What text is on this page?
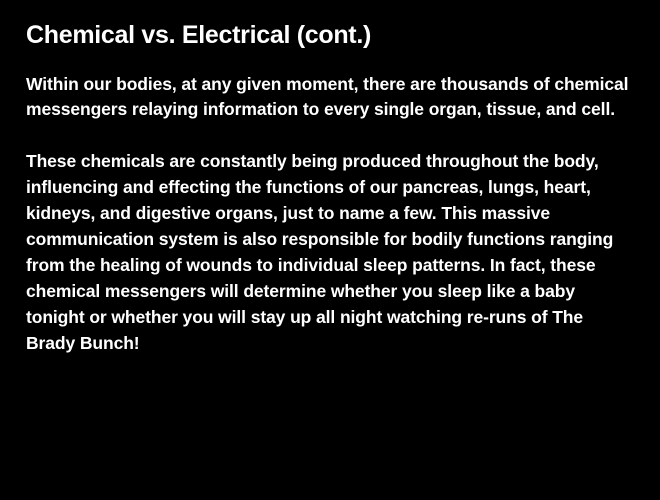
Chemical vs. Electrical (cont.)

Within our bodies, at any given moment, there are thousands of chemical messengers relaying information to every single organ, tissue, and cell.

These chemicals are constantly being produced throughout the body, influencing and effecting the functions of our pancreas, lungs, heart, kidneys, and digestive organs, just to name a few. This massive communication system is also responsible for bodily functions ranging from the healing of wounds to individual sleep patterns. In fact, these chemical messengers will determine whether you sleep like a baby tonight or whether you will stay up all night watching re-runs of The Brady Bunch!
